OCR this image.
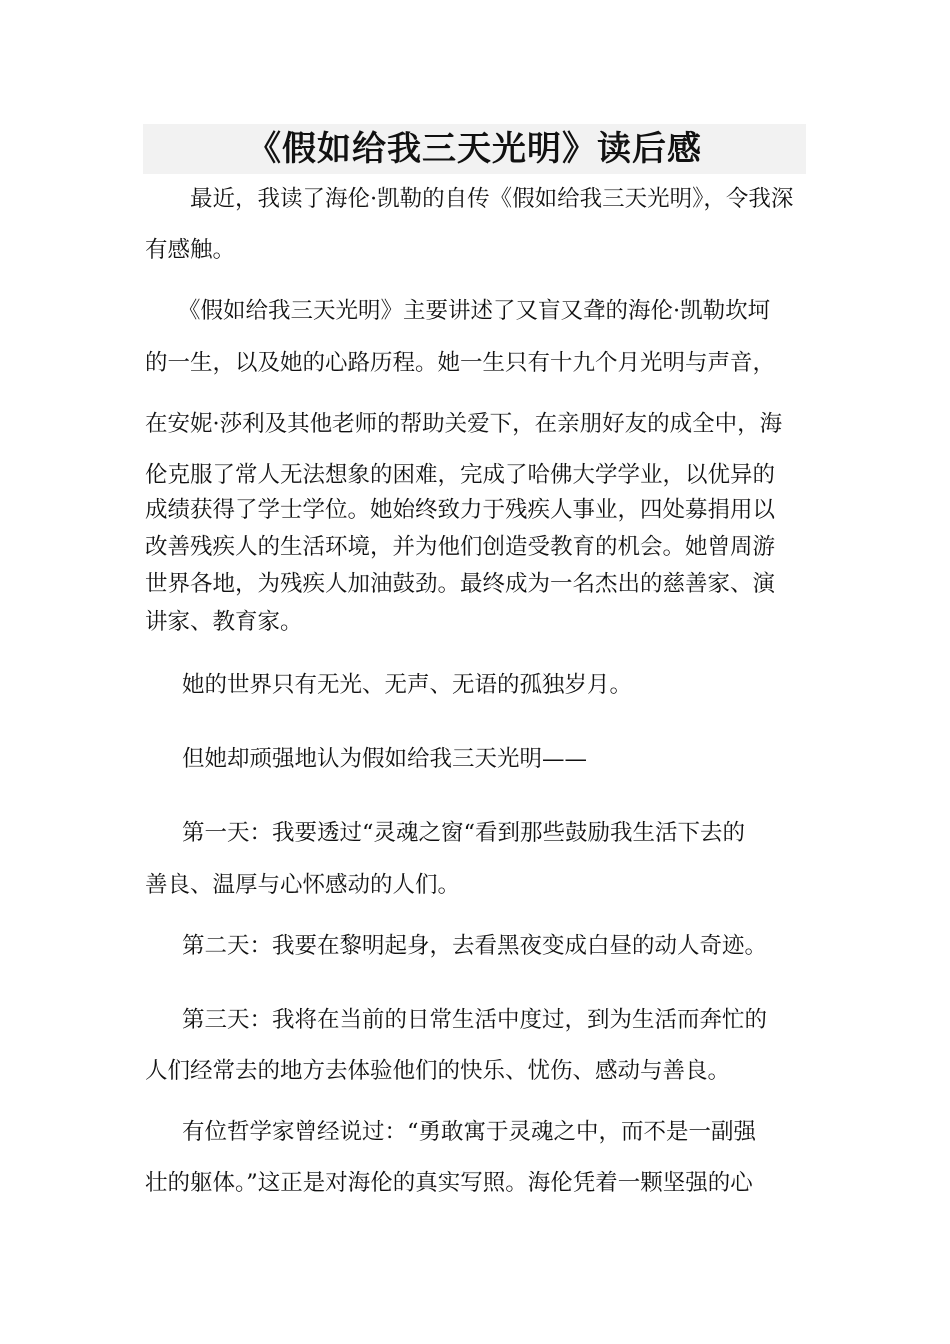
《假如给我三天光明》读后感
最近，我读了海伦·凯勒的自传《假如给我三天光明》，令我深
有感触。
《假如给我三天光明》主要讲述了又盲又聋的海伦·凯勒坎坷
的一生，以及她的心路历程。她一生只有十九个月光明与声音，
在安妮·莎利及其他老师的帮助关爱下，在亲朋好友的成全中，海
伦克服了常人无法想象的困难，完成了哈佛大学学业，以优异的
成绩获得了学士学位。她始终致力于残疾人事业，四处募捐用以
改善残疾人的生活环境，并为他们创造受教育的机会。她曾周游
世界各地，为残疾人加油鼓劲。最终成为一名杰出的慈善家、演
讲家、教育家。
她的世界只有无光、无声、无语的孤独岁月。
但她却顽强地认为假如给我三天光明——
第一天：我要透过“灵魂之窗“看到那些鼓励我生活下去的
善良、温厚与心怀感动的人们。
第二天：我要在黎明起身，去看黑夜变成白昼的动人奇迹。
第三天：我将在当前的日常生活中度过，到为生活而奔忙的
人们经常去的地方去体验他们的快乐、忧伤、感动与善良。
有位哲学家曾经说过：“勇敢寓于灵魂之中，而不是一副强
壮的躯体。”这正是对海伦的真实写照。海伦凭着一颗坚强的心
